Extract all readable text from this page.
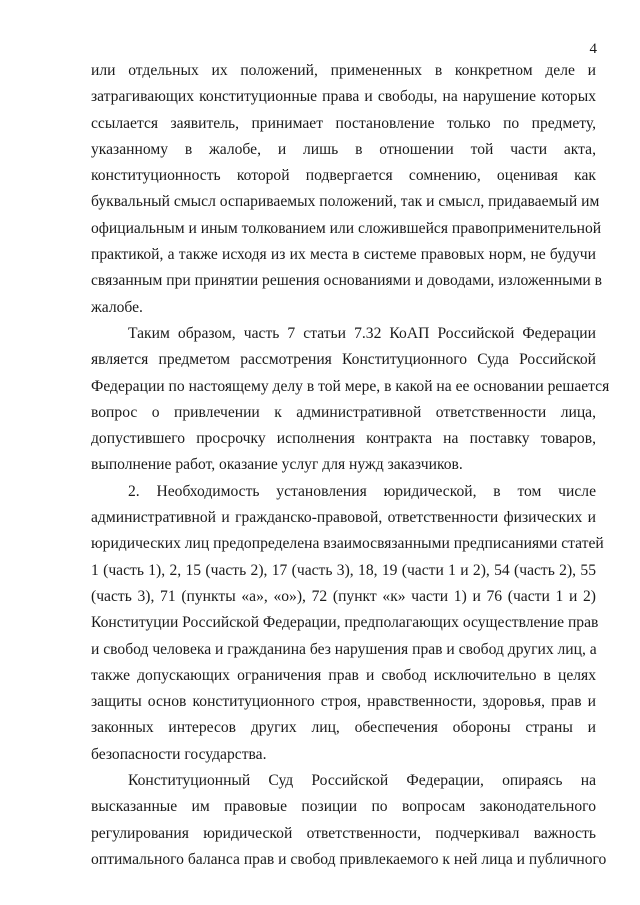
4
или отдельных их положений, примененных в конкретном деле и
затрагивающих конституционные права и свободы, на нарушение которых
ссылается заявитель, принимает постановление только по предмету,
указанному в жалобе, и лишь в отношении той части акта,
конституционность которой подвергается сомнению, оценивая как
буквальный смысл оспариваемых положений, так и смысл, придаваемый им
официальным и иным толкованием или сложившейся правоприменительной
практикой, а также исходя из их места в системе правовых норм, не будучи
связанным при принятии решения основаниями и доводами, изложенными в
жалобе.
Таким образом, часть 7 статьи 7.32 КоАП Российской Федерации
является предметом рассмотрения Конституционного Суда Российской
Федерации по настоящему делу в той мере, в какой на ее основании решается
вопрос о привлечении к административной ответственности лица,
допустившего просрочку исполнения контракта на поставку товаров,
выполнение работ, оказание услуг для нужд заказчиков.
2. Необходимость установления юридической, в том числе
административной и гражданско-правовой, ответственности физических и
юридических лиц предопределена взаимосвязанными предписаниями статей
1 (часть 1), 2, 15 (часть 2), 17 (часть 3), 18, 19 (части 1 и 2), 54 (часть 2), 55
(часть 3), 71 (пункты «а», «о»), 72 (пункт «к» части 1) и 76 (части 1 и 2)
Конституции Российской Федерации, предполагающих осуществление прав
и свобод человека и гражданина без нарушения прав и свобод других лиц, а
также допускающих ограничения прав и свобод исключительно в целях
защиты основ конституционного строя, нравственности, здоровья, прав и
законных интересов других лиц, обеспечения обороны страны и
безопасности государства.
Конституционный Суд Российской Федерации, опираясь на
высказанные им правовые позиции по вопросам законодательного
регулирования юридической ответственности, подчеркивал важность
оптимального баланса прав и свобод привлекаемого к ней лица и публичного
